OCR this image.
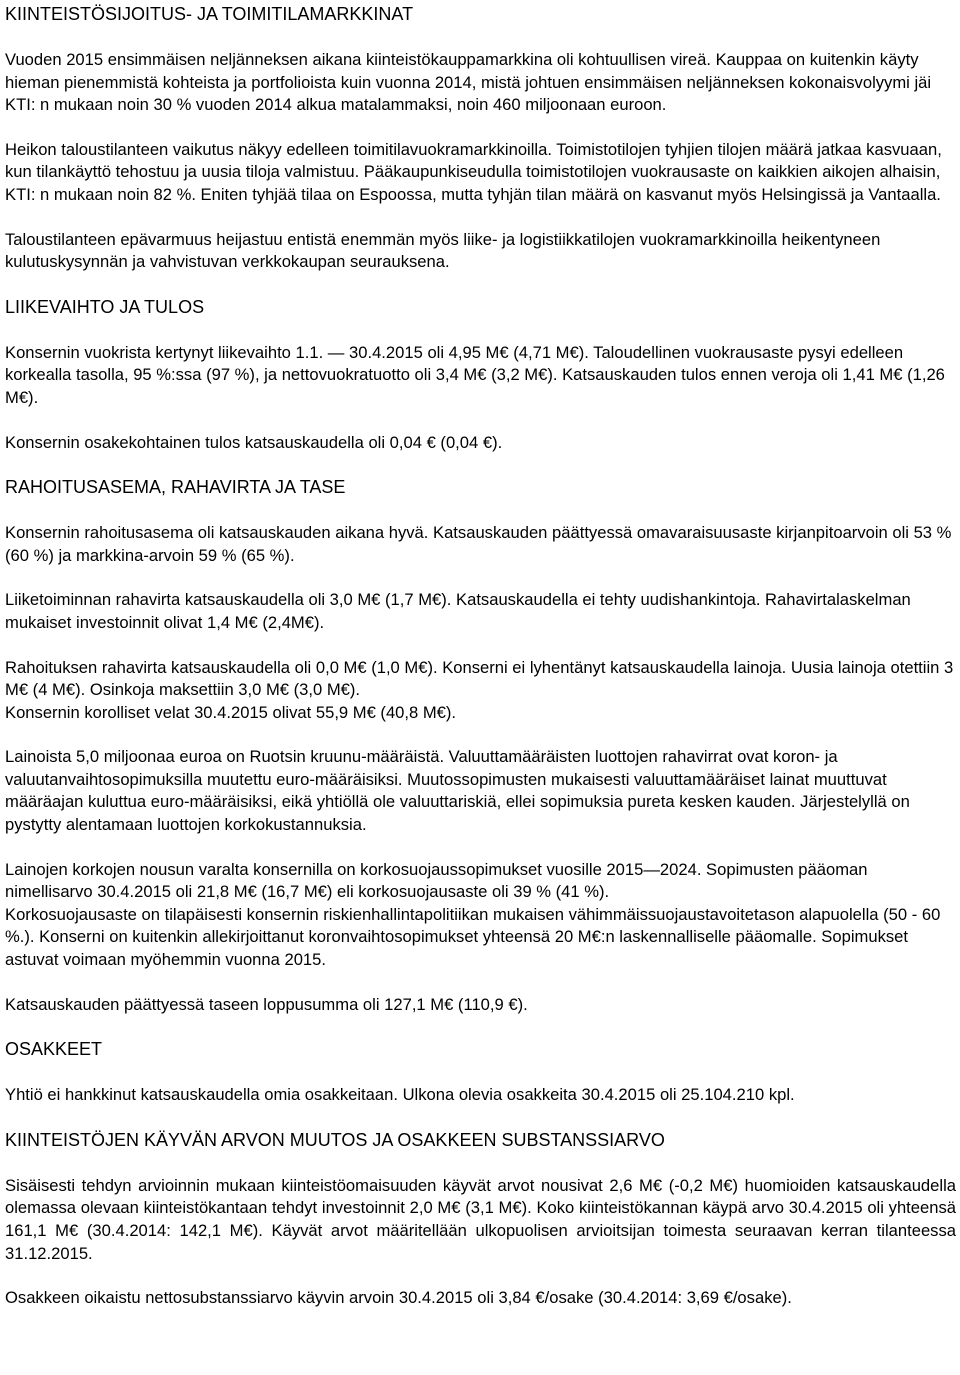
KIINTEISTÖSIJOITUS- JA TOIMITILAMARKKINAT

Vuoden 2015 ensimmäisen neljänneksen aikana kiinteistökauppamarkkina oli kohtuullisen vireä. Kauppaa on kuitenkin käyty hieman pienemmistä kohteista ja portfolioista kuin vuonna 2014, mistä johtuen ensimmäisen neljänneksen kokonaisvolyymi jäi KTI: n mukaan noin 30 % vuoden 2014 alkua matalammaksi, noin 460 miljoonaan euroon.

Heikon taloustilanteen vaikutus näkyy edelleen toimitilavuokramarkkinoilla. Toimistotilojen tyhjien tilojen määrä jatkaa kasvuaan, kun tilankäyttö tehostuu ja uusia tiloja valmistuu. Pääkaupunkiseudulla toimistotilojen vuokrausaste on kaikkien aikojen alhaisin, KTI: n mukaan noin 82 %. Eniten tyhjää tilaa on Espoossa, mutta tyhjän tilan määrä on kasvanut myös Helsingissä ja Vantaalla.

Taloustilanteen epävarmuus heijastuu entistä enemmän myös liike- ja logistiikkatilojen vuokramarkkinoilla heikentyneen kulutuskysynnän ja vahvistuvan verkkokaupan seurauksena.

LIIKEVAIHTO JA TULOS

Konsernin vuokrista kertynyt liikevaihto 1.1. — 30.4.2015 oli 4,95 M€ (4,71 M€). Taloudellinen vuokrausaste pysyi edelleen korkealla tasolla, 95 %:ssa (97 %), ja nettovuokratuotto oli 3,4 M€ (3,2 M€). Katsauskauden tulos ennen veroja oli 1,41 M€ (1,26 M€).

Konsernin osakekohtainen tulos katsauskaudella oli 0,04 € (0,04 €).

RAHOITUSASEMA, RAHAVIRTA JA TASE

Konsernin rahoitusasema oli katsauskauden aikana hyvä. Katsauskauden päättyessä omavaraisuusaste kirjanpitoarvoin oli 53 % (60 %) ja markkina-arvoin 59 % (65 %).

Liiketoiminnan rahavirta katsauskaudella oli 3,0 M€ (1,7 M€). Katsauskaudella ei tehty uudishankintoja. Rahavirtalaskelman mukaiset investoinnit olivat 1,4 M€ (2,4M€).

Rahoituksen rahavirta katsauskaudella oli 0,0 M€ (1,0 M€). Konserni ei lyhentänyt katsauskaudella lainoja. Uusia lainoja otettiin 3 M€ (4 M€). Osinkoja maksettiin 3,0 M€ (3,0 M€).
Konsernin korolliset velat 30.4.2015 olivat 55,9 M€ (40,8 M€).

Lainoista 5,0 miljoonaa euroa on Ruotsin kruunu-määräistä. Valuuttamääräisten luottojen rahavirrat ovat koron- ja valuutanvaihtosopimuksilla muutettu euro-määräisiksi. Muutossopimusten mukaisesti valuuttamääräiset lainat muuttuvat määräajan kuluttua euro-määräisiksi, eikä yhtiöllä ole valuuttariskiä, ellei sopimuksia pureta kesken kauden. Järjestelyllä on pystytty alentamaan luottojen korkokustannuksia.

Lainojen korkojen nousun varalta konsernilla on korkosuojaussopimukset vuosille 2015—2024. Sopimusten pääoman nimellisarvo 30.4.2015 oli 21,8 M€ (16,7 M€) eli korkosuojausaste oli 39 % (41 %).
Korkosuojausaste on tilapäisesti konsernin riskienhallintapolitiikan mukaisen vähimmäissuojaustavoitetason alapuolella (50 - 60 %.). Konserni on kuitenkin allekirjoittanut koronvaihtosopimukset yhteensä 20 M€:n laskennalliselle pääomalle. Sopimukset astuvat voimaan myöhemmin vuonna 2015.

Katsauskauden päättyessä taseen loppusumma oli 127,1 M€ (110,9 €).

OSAKKEET

Yhtiö ei hankkinut katsauskaudella omia osakkeitaan. Ulkona olevia osakkeita 30.4.2015 oli 25.104.210 kpl.

KIINTEISTÖJEN KÄYVÄN ARVON MUUTOS JA OSAKKEEN SUBSTANSSIARVO

Sisäisesti tehdyn arvioinnin mukaan kiinteistöomaisuuden käyvät arvot nousivat 2,6 M€ (-0,2 M€) huomioiden katsauskaudella olemassa olevaan kiinteistökantaan tehdyt investoinnit 2,0 M€ (3,1 M€). Koko kiinteistökannan käypä arvo 30.4.2015 oli yhteensä 161,1 M€ (30.4.2014: 142,1 M€). Käyvät arvot määritellään ulkopuolisen arvioitsijan toimesta seuraavan kerran tilanteessa 31.12.2015.

Osakkeen oikaistu nettosubstanssiarvo käyvin arvoin 30.4.2015 oli 3,84 €/osake (30.4.2014: 3,69 €/osake).
